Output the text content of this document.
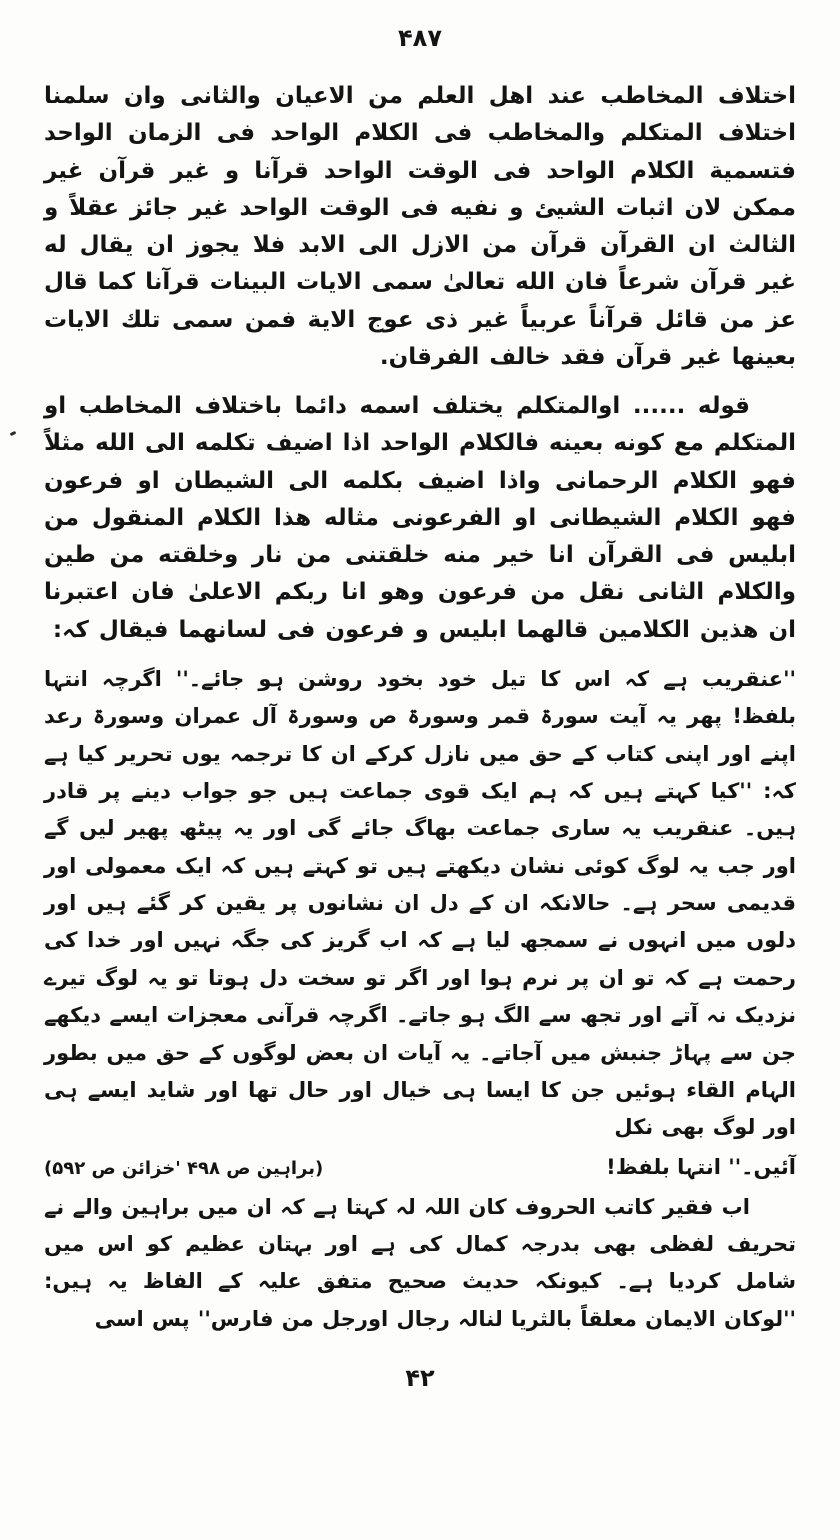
۴۸۷

اختلاف المخاطب عند اهل العلم من الاعيان والثانى وان سلمنا اختلاف المتكلم والمخاطب فى الكلام الواحد فى الزمان الواحد فتسمية الكلام الواحد فى الوقت الواحد قرآنا و غير قرآن غير ممكن لان اثبات الشيئ و نفيه فى الوقت الواحد غير جائز عقلاً و الثالث ان القرآن قرآن من الازل الى الابد فلا يجوز ان يقال له غير قرآن شرعاً فان الله تعالىٰ سمى الايات البينات قرآنا كما قال عز من قائل قرآناً عربياً غير ذى عوج الاية فمن سمى تلك الايات بعينها غير قرآن فقد خالف الفرقان.

قوله ...... اوالمتكلم يختلف اسمه دائما باختلاف المخاطب او المتكلم مع كونه بعينه فالكلام الواحد اذا اضيف تكلمه الى الله مثلاً فهو الكلام الرحمانى واذا اضيف بكلمه الى الشيطان او فرعون فهو الكلام الشيطانى او الفرعونى مثاله هذا الكلام المنقول من ابليس فى القرآن انا خير منه خلقتنى من نار وخلقته من طين والكلام الثانى نقل من فرعون وهو انا ربكم الاعلىٰ فان اعتبرنا ان هذين الكلامين قالهما ابليس و فرعون فى لسانهما فيقال كہ:

''عنقریب ہے کہ اس کا تیل خود بخود روشن ہو جائے۔'' اگرچہ انتہا بلفظ! پھر یہ آیت سورۃ قمر وسورۃ ص وسورۃ آل عمران وسورۃ رعد اپنے اور اپنی کتاب کے حق میں نازل کرکے ان کا ترجمہ یوں تحریر کیا ہے کہ: ''کیا کہتے ہیں کہ ہم ایک قوی جماعت ہیں جو جواب دینے پر قادر ہیں۔ عنقریب یہ ساری جماعت بھاگ جائے گی اور یہ پیٹھ پھیر لیں گے اور جب یہ لوگ کوئی نشان دیکھتے ہیں تو کہتے ہیں کہ ایک معمولی اور قدیمی سحر ہے۔ حالانکہ ان کے دل ان نشانوں پر یقین کر گئے ہیں اور دلوں میں انہوں نے سمجھ لیا ہے کہ اب گریز کی جگہ نہیں اور خدا کی رحمت ہے کہ تو ان پر نرم ہوا اور اگر تو سخت دل ہوتا تو یہ لوگ تیرے نزدیک نہ آتے اور تجھ سے الگ ہو جاتے۔ اگرچہ قرآنی معجزات ایسے دیکھے جن سے پہاڑ جنبش میں آجاتے۔ یہ آیات ان بعض لوگوں کے حق میں بطور الہام القاء ہوئیں جن کا ایسا ہی خیال اور حال تھا اور شاید ایسے ہی اور لوگ بھی نکل

آئیں۔'' انتہا بلفظ!
(براہین ص ۴۹۸ 'خزائن ص ۵۹۲)

اب فقیر کاتب الحروف کان اللہ لہ کہتا ہے کہ ان میں براہین والے نے تحریف لفظی بھی بدرجہ کمال کی ہے اور بہتان عظیم کو اس میں شامل کردیا ہے۔ کیونکہ حدیث صحیح متفق علیہ کے الفاظ یہ ہیں: ''لوکان الایمان معلقاً بالثریا لنالہ رجال اورجل من فارس'' پس اسی

۴۲
